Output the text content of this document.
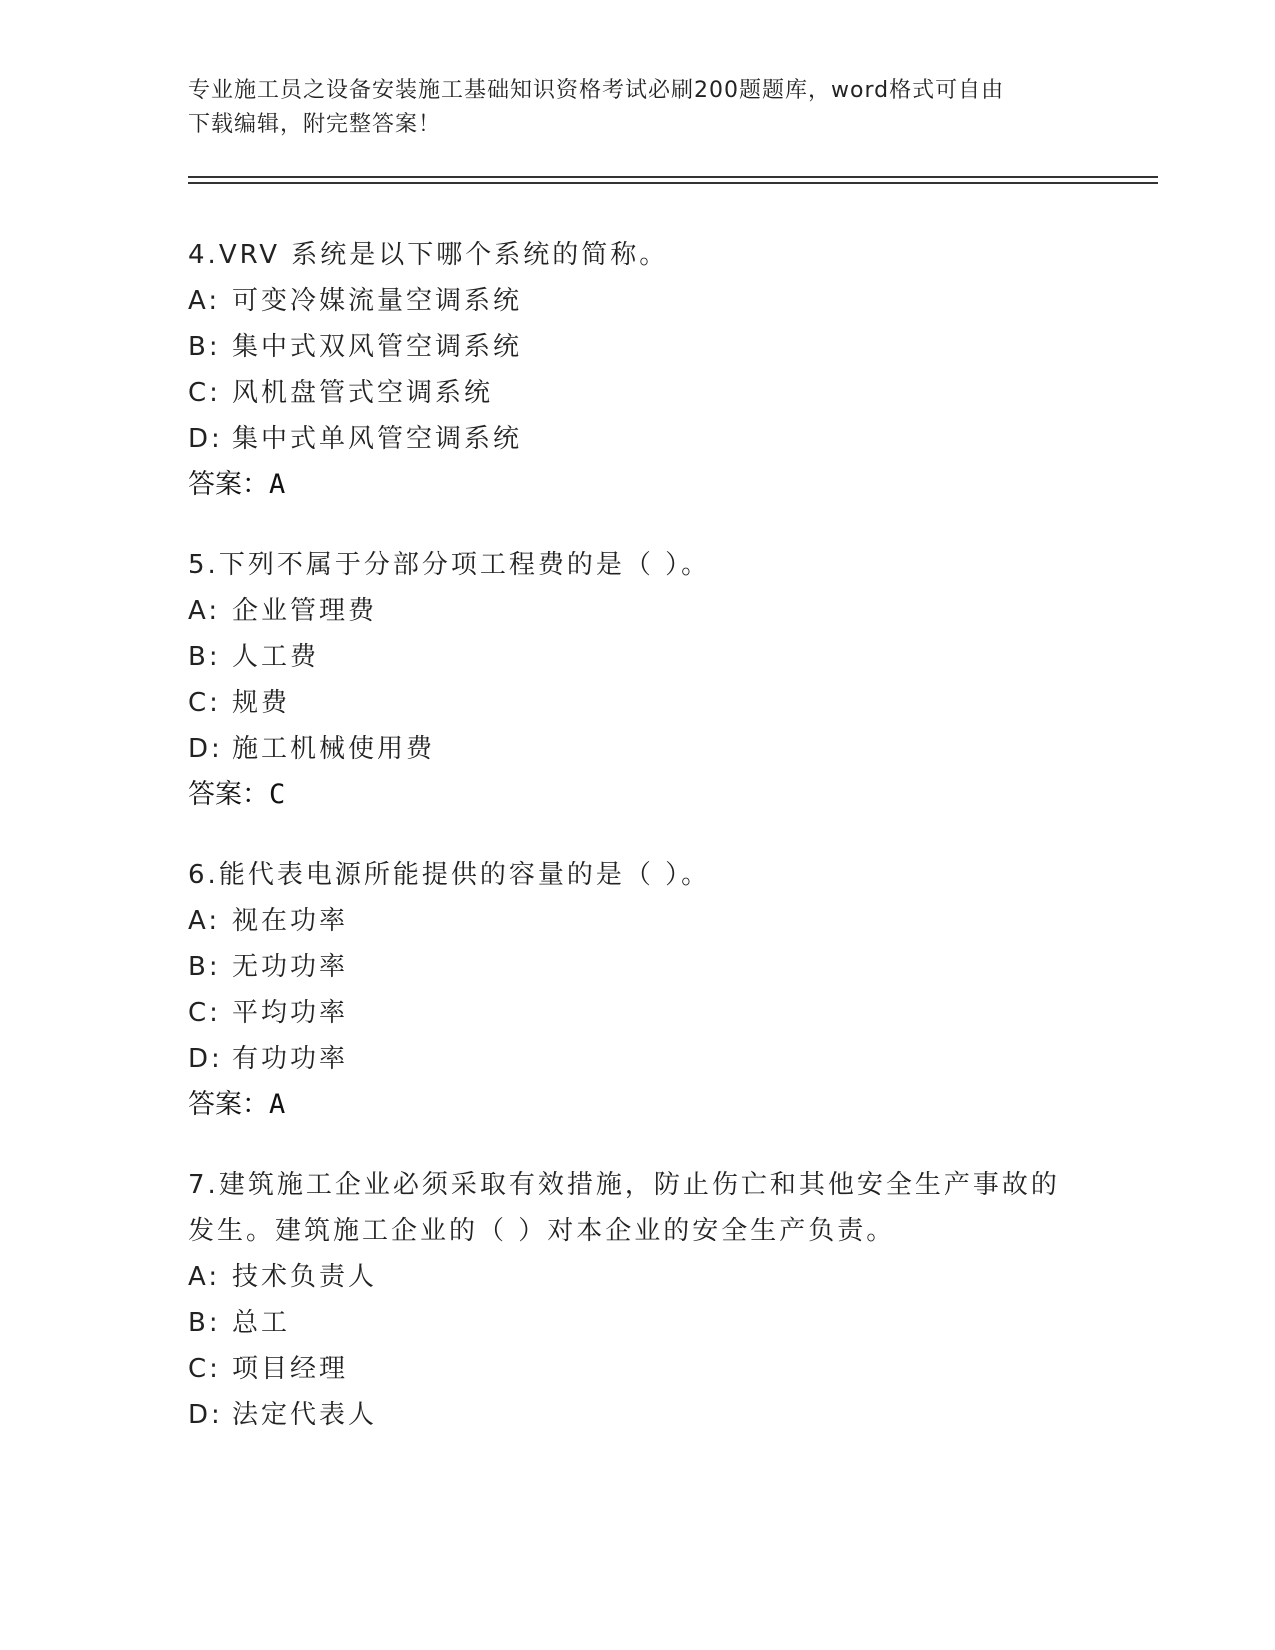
专业施工员之设备安装施工基础知识资格考试必刷200题题库，word格式可自由
下载编辑，附完整答案！
4.VRV 系统是以下哪个系统的简称。
A: 可变冷媒流量空调系统
B: 集中式双风管空调系统
C: 风机盘管式空调系统
D: 集中式单风管空调系统
答案：A
5.下列不属于分部分项工程费的是（ ）。
A: 企业管理费
B: 人工费
C: 规费
D: 施工机械使用费
答案：C
6.能代表电源所能提供的容量的是（ ）。
A: 视在功率
B: 无功功率
C: 平均功率
D: 有功功率
答案：A
7.建筑施工企业必须采取有效措施，防止伤亡和其他安全生产事故的
发生。建筑施工企业的（ ）对本企业的安全生产负责。
A: 技术负责人
B: 总工
C: 项目经理
D: 法定代表人
